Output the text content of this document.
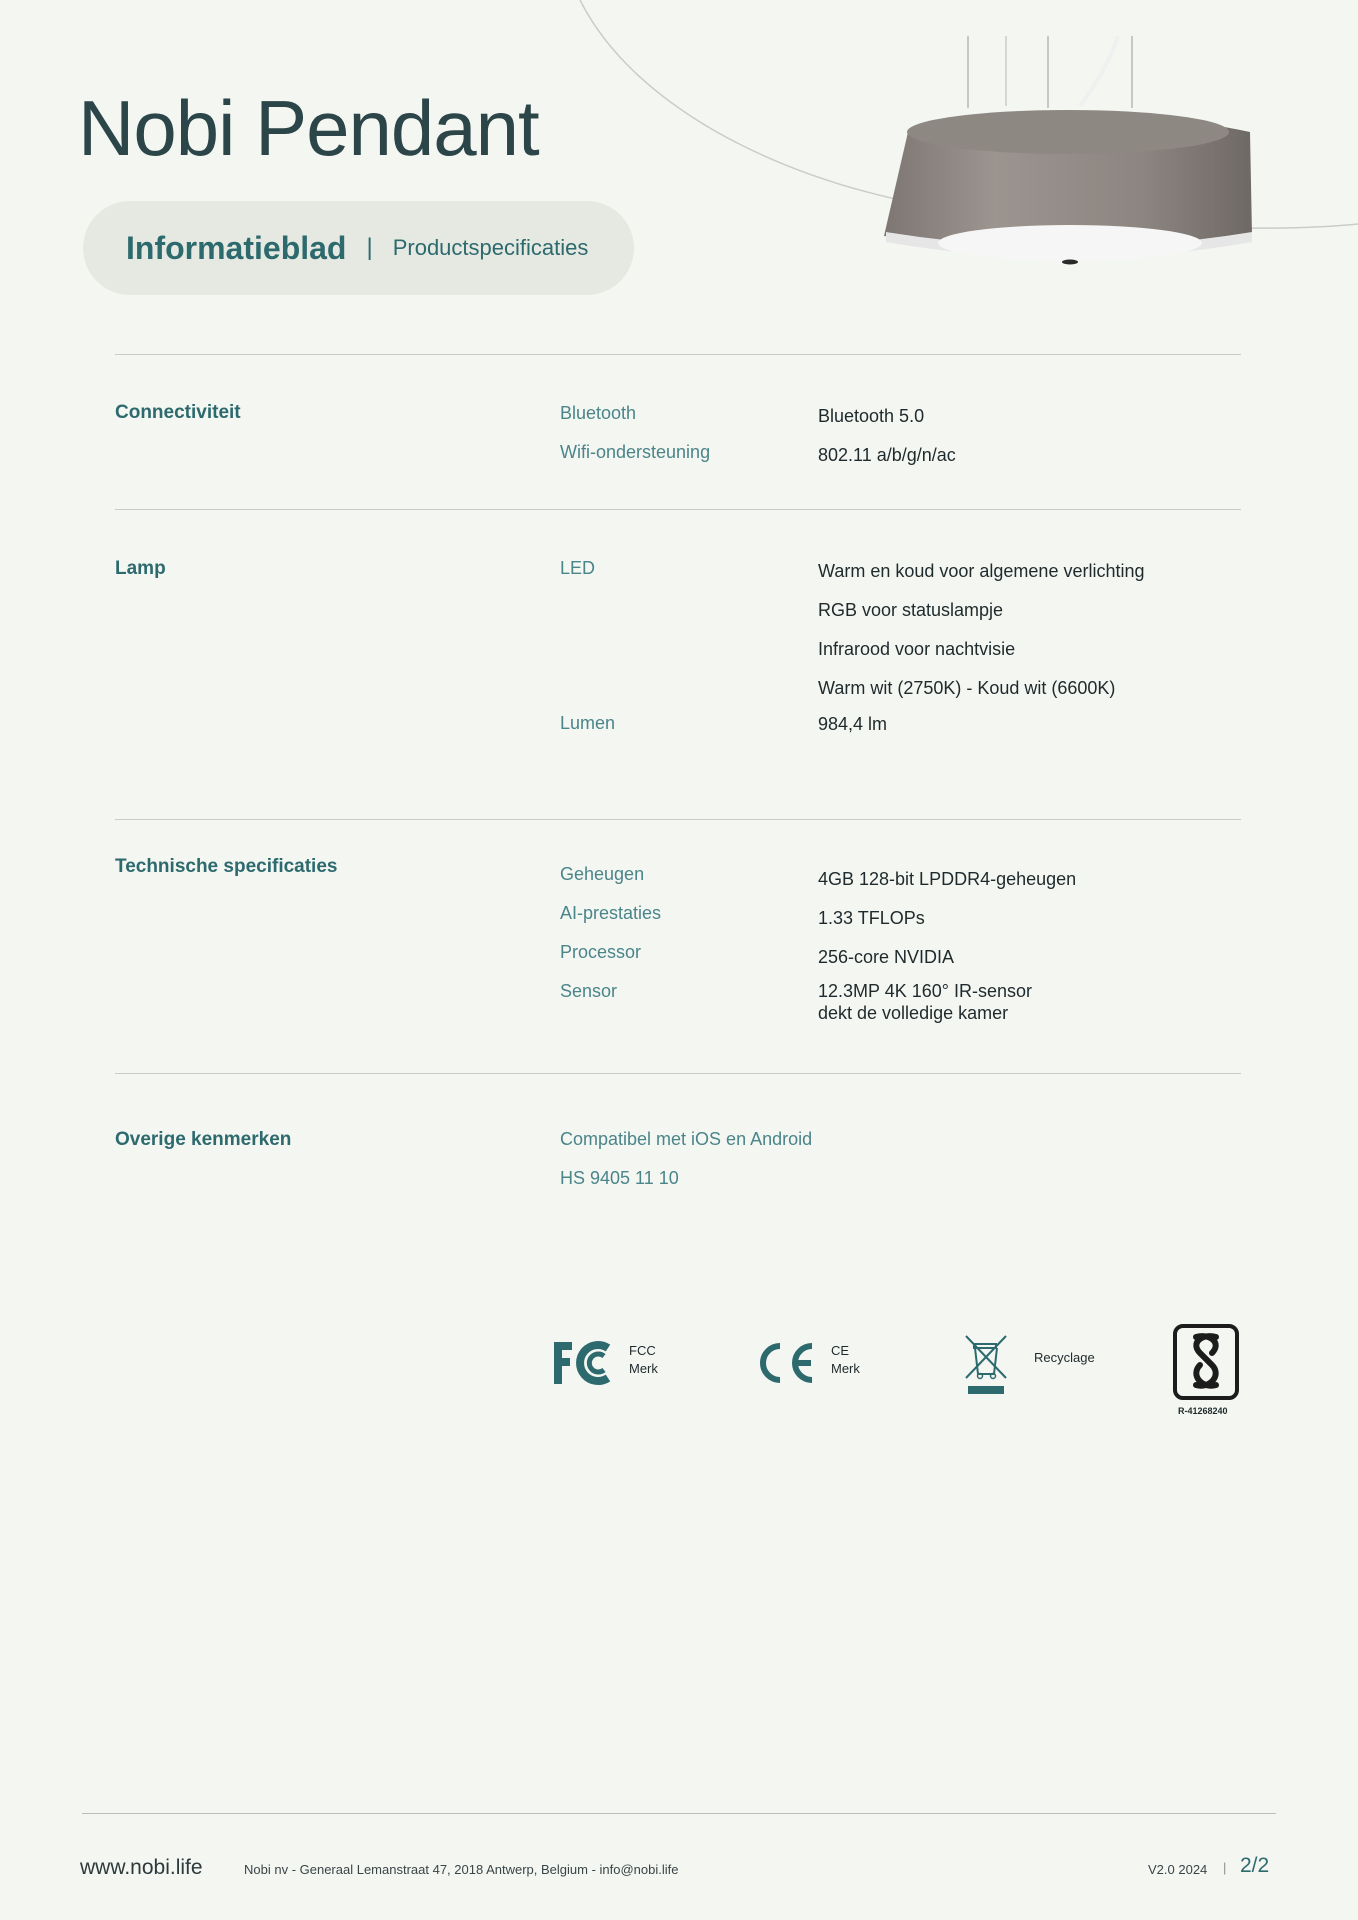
Nobi Pendant
Informatieblad | Productspecificaties
Connectiviteit	Bluetooth	Bluetooth 5.0
Wifi-ondersteuning	802.11 a/b/g/n/ac
Lamp	LED	Warm en koud voor algemene verlichting
RGB voor statuslampje
Infrarood voor nachtvisie
Warm wit (2750K) - Koud wit (6600K)
Lumen	984,4 lm
Technische specificaties	Geheugen	4GB 128-bit LPDDR4-geheugen
AI-prestaties	1.33 TFLOPs
Processor	256-core NVIDIA
Sensor	12.3MP 4K 160° IR-sensor
dekt de volledige kamer
Overige kenmerken	Compatibel met iOS en Android
HS 9405 11 10
FCC
Merk
CE
Merk
Recyclage
R-41268240
www.nobi.life	Nobi nv - Generaal Lemanstraat 47, 2018 Antwerp, Belgium - info@nobi.life	V2.0 2024 | 2/2
